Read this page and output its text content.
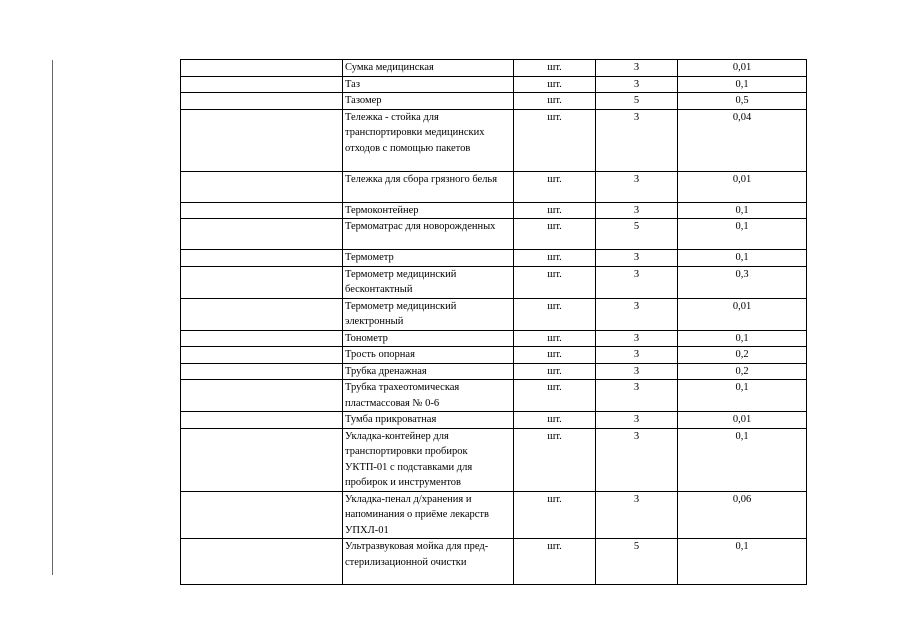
	Сумка медицинская	шт.	3	0,01
	Таз	шт.	3	0,1
	Тазомер	шт.	5	0,5
	Тележка - стойка для транспортировки медицинских отходов с помощью пакетов	шт.	3	0,04
	Тележка для сбора грязного белья	шт.	3	0,01
	Термоконтейнер	шт.	3	0,1
	Термоматрас для новорожденных	шт.	5	0,1
	Термометр	шт.	3	0,1
	Термометр медицинский бесконтактный	шт.	3	0,3
	Термометр медицинский электронный	шт.	3	0,01
	Тонометр	шт.	3	0,1
	Трость опорная	шт.	3	0,2
	Трубка дренажная	шт.	3	0,2
	Трубка трахеотомическая пластмассовая № 0-6	шт.	3	0,1
	Тумба прикроватная	шт.	3	0,01
	Укладка-контейнер для транспортировки пробирок УКТП-01 с подставками для пробирок и инструментов	шт.	3	0,1
	Укладка-пенал д/хранения и напоминания о приёме лекарств УПХЛ-01	шт.	3	0,06
	Ультразвуковая мойка для пред-стерилизационной очистки	шт.	5	0,1
